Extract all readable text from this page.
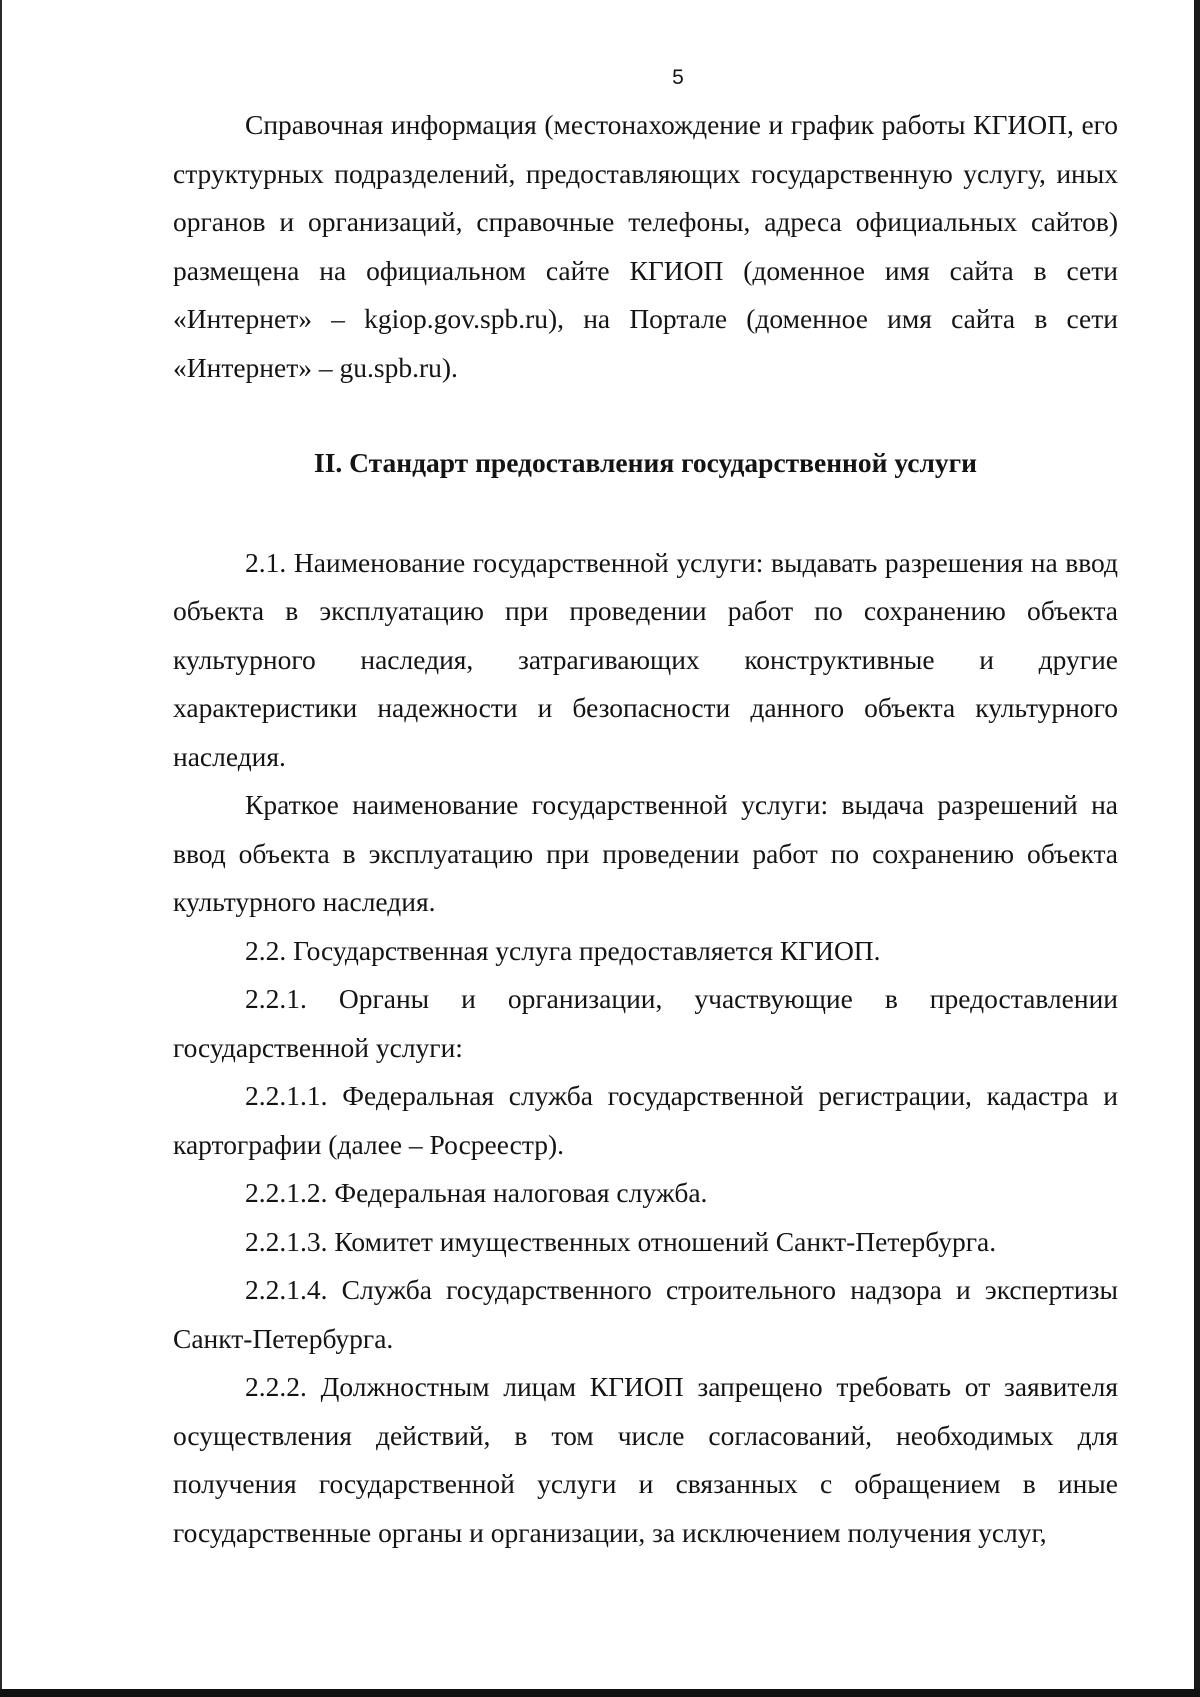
5

Справочная информация (местонахождение и график работы КГИОП, его структурных подразделений, предоставляющих государственную услугу, иных органов и организаций, справочные телефоны, адреса официальных сайтов) размещена на официальном сайте КГИОП (доменное имя сайта в сети «Интернет» – kgiop.gov.spb.ru), на Портале (доменное имя сайта в сети «Интернет» – gu.spb.ru).

II. Стандарт предоставления государственной услуги

2.1. Наименование государственной услуги: выдавать разрешения на ввод объекта в эксплуатацию при проведении работ по сохранению объекта культурного наследия, затрагивающих конструктивные и другие характеристики надежности и безопасности данного объекта культурного наследия.

Краткое наименование государственной услуги: выдача разрешений на ввод объекта в эксплуатацию при проведении работ по сохранению объекта культурного наследия.

2.2. Государственная услуга предоставляется КГИОП.

2.2.1. Органы и организации, участвующие в предоставлении государственной услуги:

2.2.1.1. Федеральная служба государственной регистрации, кадастра и картографии (далее – Росреестр).

2.2.1.2. Федеральная налоговая служба.

2.2.1.3. Комитет имущественных отношений Санкт-Петербурга.

2.2.1.4. Служба государственного строительного надзора и экспертизы Санкт-Петербурга.

2.2.2. Должностным лицам КГИОП запрещено требовать от заявителя осуществления действий, в том числе согласований, необходимых для получения государственной услуги и связанных с обращением в иные государственные органы и организации, за исключением получения услуг,
